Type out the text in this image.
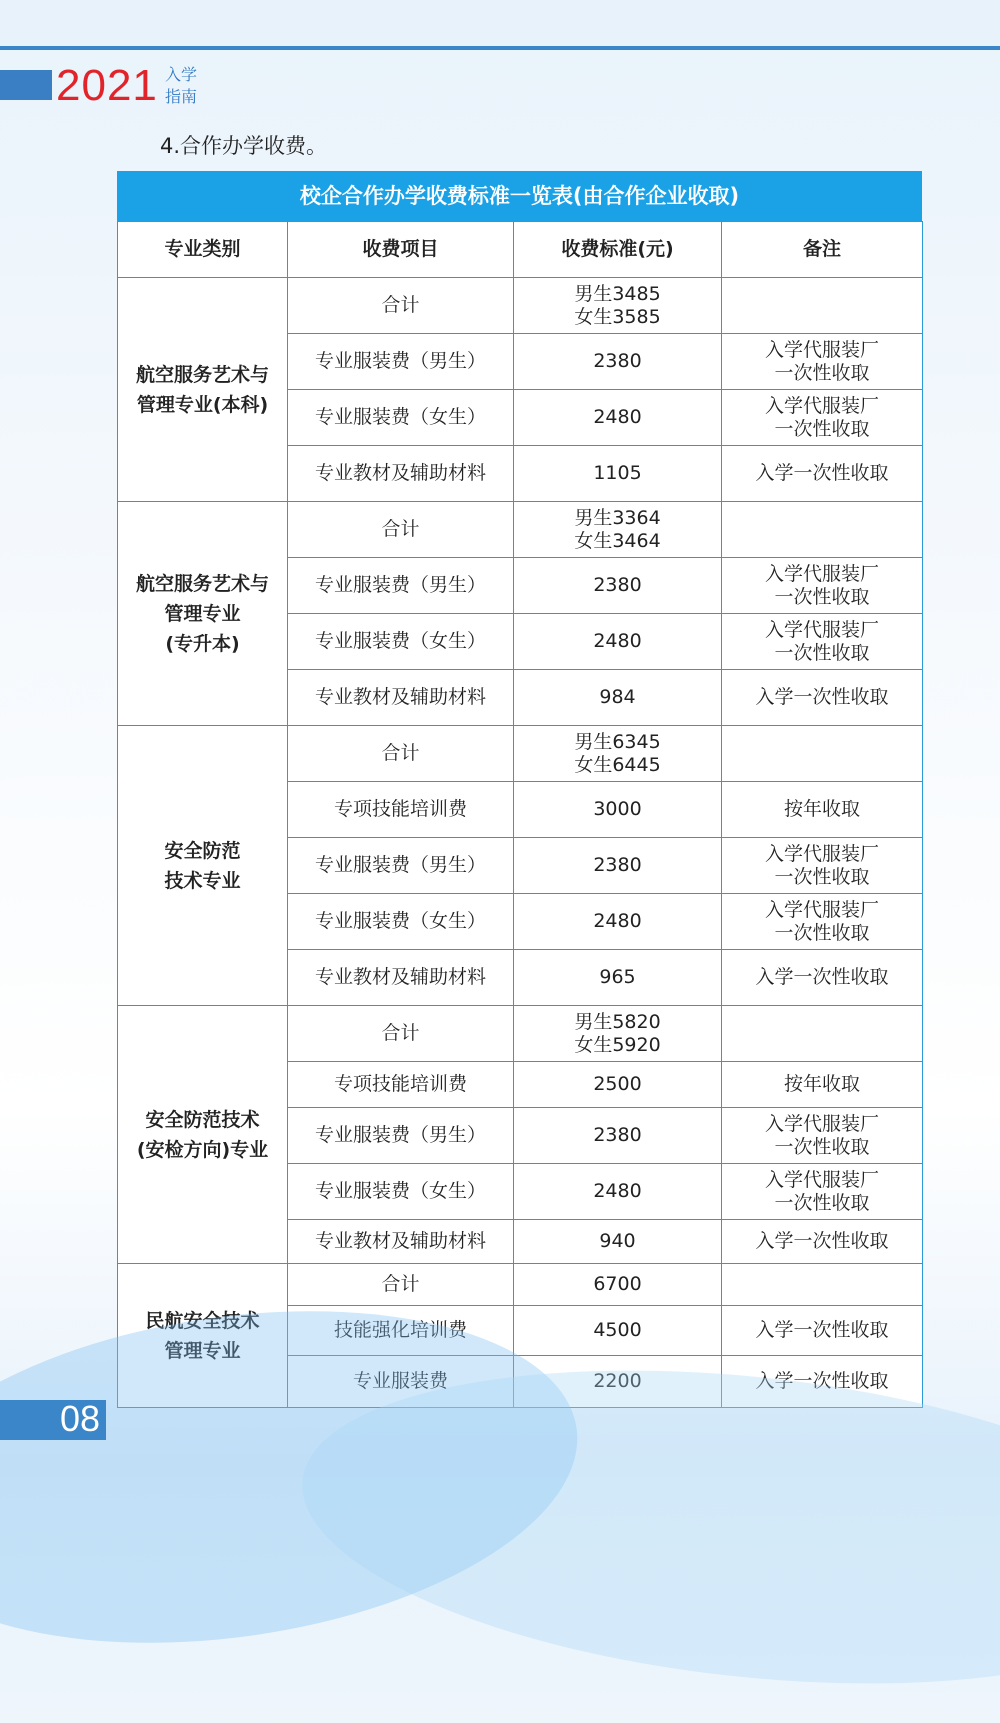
2021 入学
指南
4.合作办学收费。
校企合作办学收费标准一览表(由合作企业收取)
专业类别	收费项目	收费标准(元)	备注
航空服务艺术与
管理专业(本科)	合计	男生3485
女生3585	
	专业服装费（男生）	2380	入学代服装厂
一次性收取
	专业服装费（女生）	2480	入学代服装厂
一次性收取
	专业教材及辅助材料	1105	入学一次性收取
航空服务艺术与
管理专业
(专升本)	合计	男生3364
女生3464	
	专业服装费（男生）	2380	入学代服装厂
一次性收取
	专业服装费（女生）	2480	入学代服装厂
一次性收取
	专业教材及辅助材料	984	入学一次性收取
安全防范
技术专业	合计	男生6345
女生6445	
	专项技能培训费	3000	按年收取
	专业服装费（男生）	2380	入学代服装厂
一次性收取
	专业服装费（女生）	2480	入学代服装厂
一次性收取
	专业教材及辅助材料	965	入学一次性收取
安全防范技术
(安检方向)专业	合计	男生5820
女生5920	
	专项技能培训费	2500	按年收取
	专业服装费（男生）	2380	入学代服装厂
一次性收取
	专业服装费（女生）	2480	入学代服装厂
一次性收取
	专业教材及辅助材料	940	入学一次性收取
民航安全技术
管理专业	合计	6700	
	技能强化培训费	4500	入学一次性收取
	专业服装费	2200	入学一次性收取
08
